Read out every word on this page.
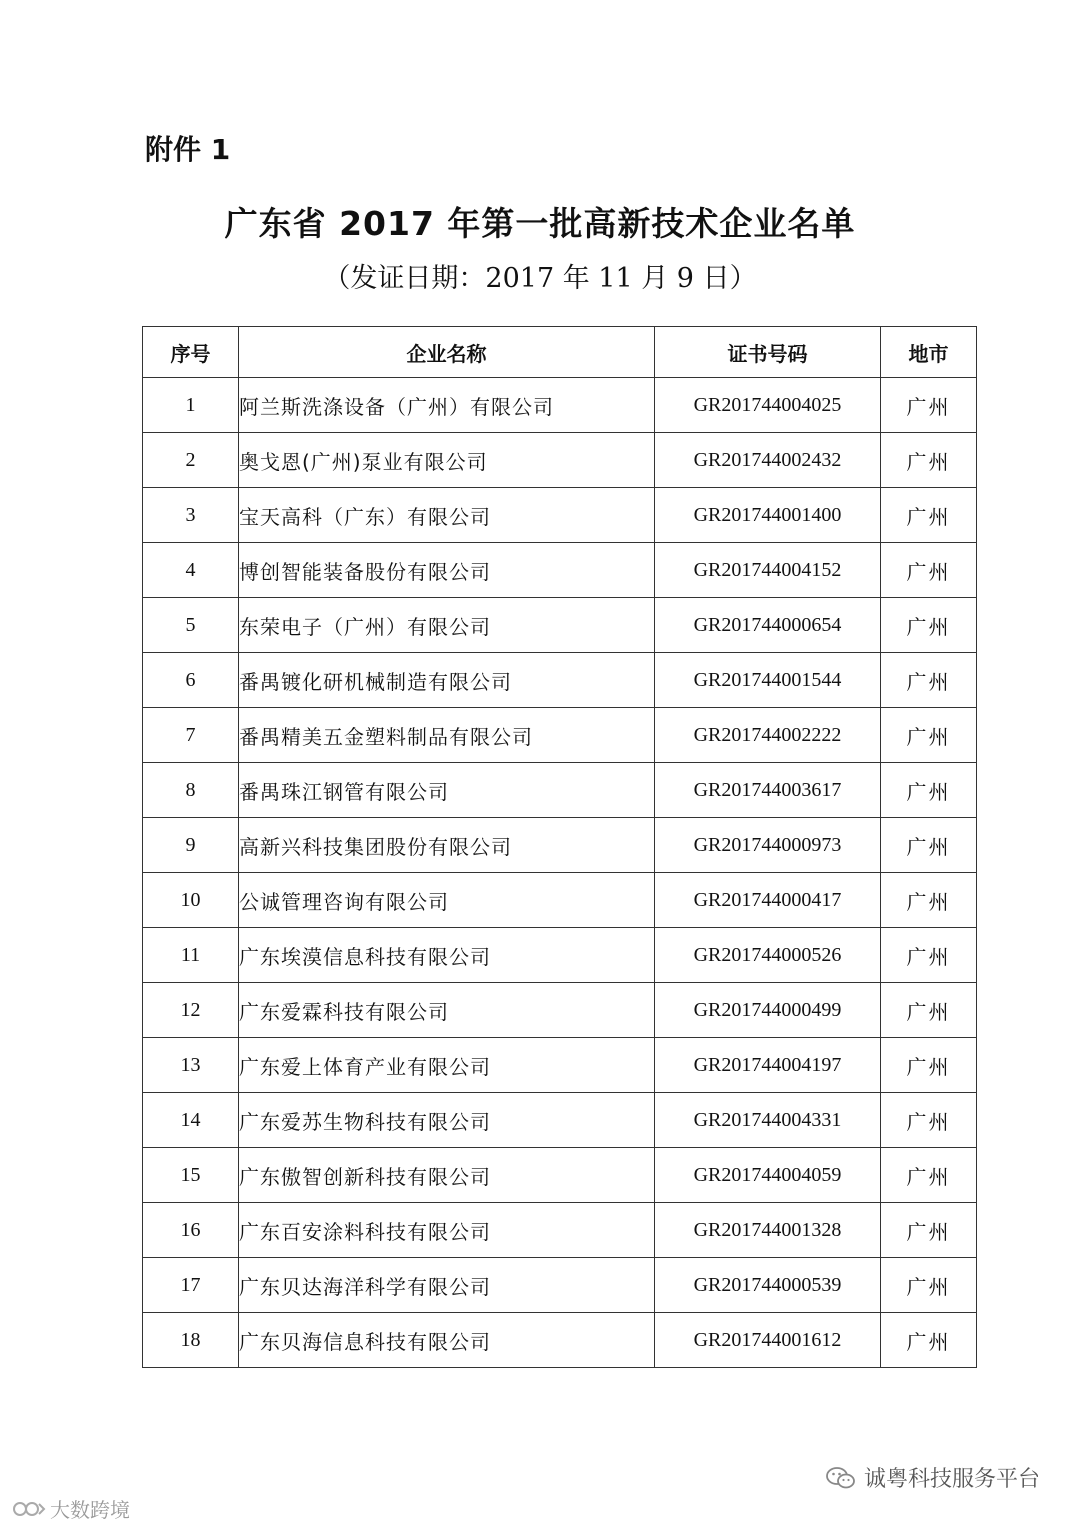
附件 1
广东省 2017 年第一批高新技术企业名单
（发证日期：2017 年 11 月 9 日）
序号	企业名称	证书号码	地市
1	阿兰斯洗涤设备（广州）有限公司	GR201744004025	广州
2	奥戈恩(广州)泵业有限公司	GR201744002432	广州
3	宝天高科（广东）有限公司	GR201744001400	广州
4	博创智能装备股份有限公司	GR201744004152	广州
5	东荣电子（广州）有限公司	GR201744000654	广州
6	番禺镀化研机械制造有限公司	GR201744001544	广州
7	番禺精美五金塑料制品有限公司	GR201744002222	广州
8	番禺珠江钢管有限公司	GR201744003617	广州
9	高新兴科技集团股份有限公司	GR201744000973	广州
10	公诚管理咨询有限公司	GR201744000417	广州
11	广东埃漠信息科技有限公司	GR201744000526	广州
12	广东爱霖科技有限公司	GR201744000499	广州
13	广东爱上体育产业有限公司	GR201744004197	广州
14	广东爱苏生物科技有限公司	GR201744004331	广州
15	广东傲智创新科技有限公司	GR201744004059	广州
16	广东百安涂料科技有限公司	GR201744001328	广州
17	广东贝达海洋科学有限公司	GR201744000539	广州
18	广东贝海信息科技有限公司	GR201744001612	广州
诚粤科技服务平台
大数跨境
